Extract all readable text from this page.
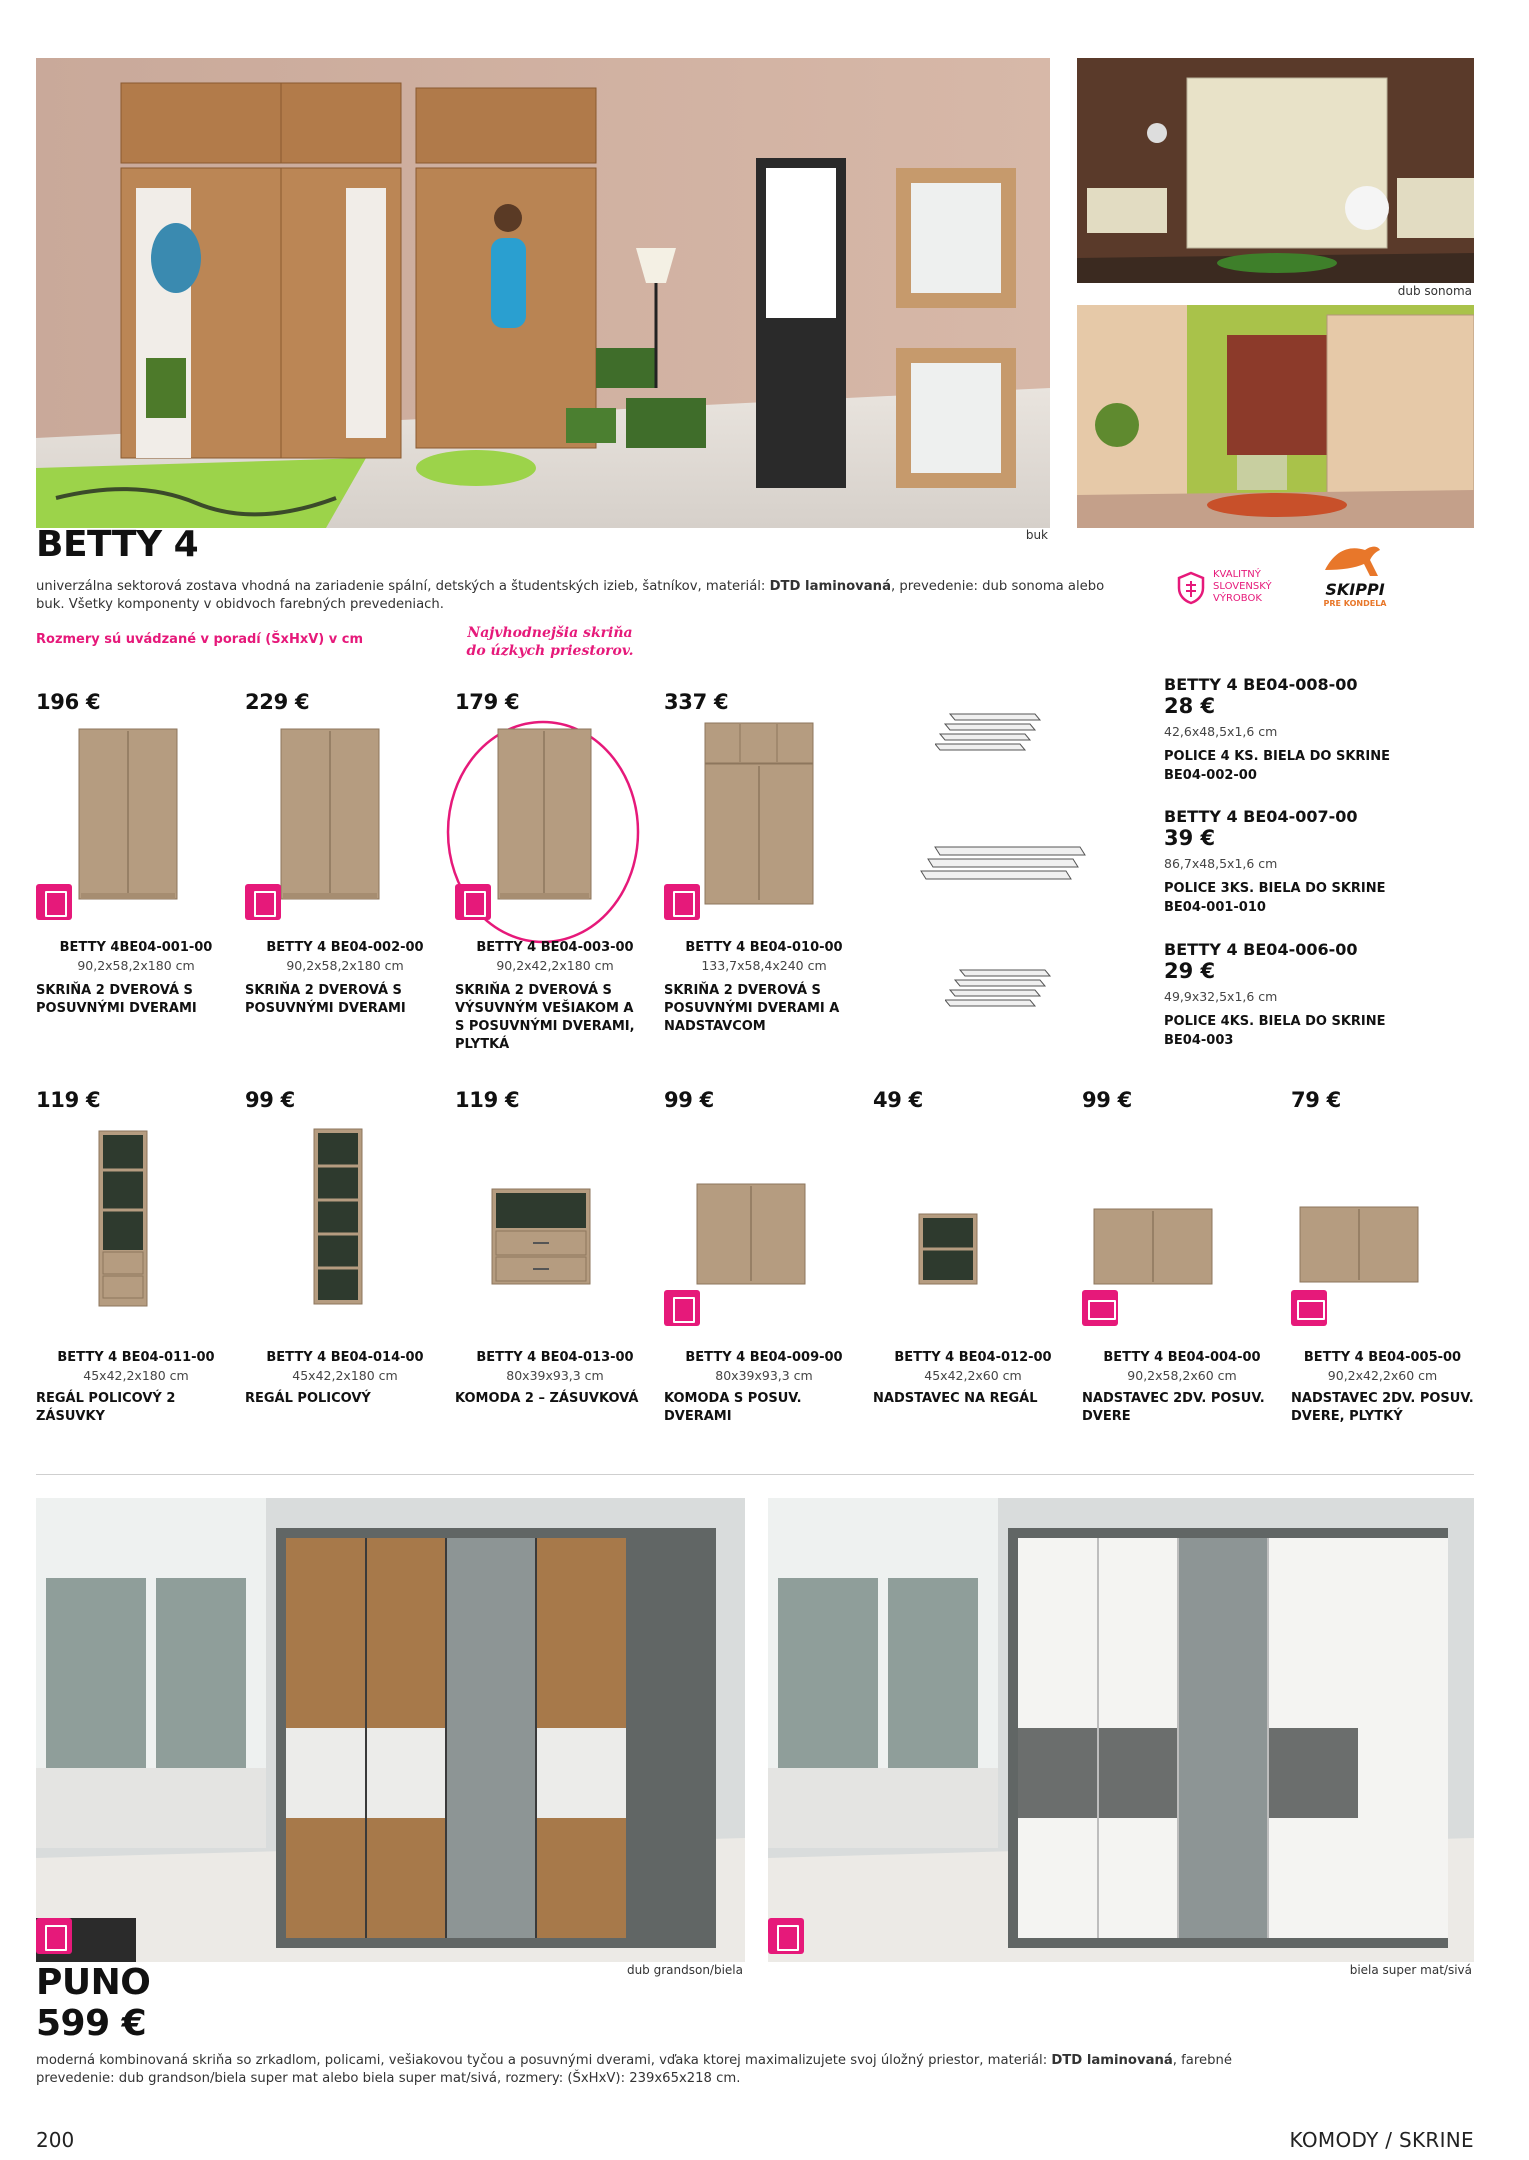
dub sonoma
buk
BETTY 4
univerzálna sektorová zostava vhodná na zariadenie spální, detských a študentských izieb, šatníkov, materiál: DTD laminovaná, prevedenie: dub sonoma alebo buk. Všetky komponenty v obidvoch farebných prevedeniach.
Rozmery sú uvádzané v poradí (ŠxHxV) v cm	Najvhodnejšia skriňa do úzkych priestorov.
KVALITNÝ
SLOVENSKÝ
VÝROBOK	SKIPPI
PRE KONDELA
196 €
BETTY 4BE04-001-00
90,2x58,2x180 cm
SKRIŇA 2 DVEROVÁ S POSUVNÝMI DVERAMI
229 €
BETTY 4 BE04-002-00
90,2x58,2x180 cm
SKRIŇA 2 DVEROVÁ S POSUVNÝMI DVERAMI
179 €
BETTY 4 BE04-003-00
90,2x42,2x180 cm
SKRIŇA 2 DVEROVÁ S VÝSUVNÝM VEŠIAKOM A S POSUVNÝMI DVERAMI, PLYTKÁ
337 €
BETTY 4 BE04-010-00
133,7x58,4x240 cm
SKRIŇA 2 DVEROVÁ S POSUVNÝMI DVERAMI A NADSTAVCOM
BETTY 4 BE04-008-00
28 €
42,6x48,5x1,6 cm
POLICE 4 KS. BIELA DO SKRINE BE04-002-00
BETTY 4 BE04-007-00
39 €
86,7x48,5x1,6 cm
POLICE 3KS. BIELA DO SKRINE BE04-001-010
BETTY 4 BE04-006-00
29 €
49,9x32,5x1,6 cm
POLICE 4KS. BIELA DO SKRINE BE04-003
119 €
BETTY 4 BE04-011-00
45x42,2x180 cm
REGÁL POLICOVÝ 2 ZÁSUVKY
99 €
BETTY 4 BE04-014-00
45x42,2x180 cm
REGÁL POLICOVÝ
119 €
BETTY 4 BE04-013-00
80x39x93,3 cm
KOMODA 2 – ZÁSUVKOVÁ
99 €
BETTY 4 BE04-009-00
80x39x93,3 cm
KOMODA S POSUV. DVERAMI
49 €
BETTY 4 BE04-012-00
45x42,2x60 cm
NADSTAVEC NA REGÁL
99 €
BETTY 4 BE04-004-00
90,2x58,2x60 cm
NADSTAVEC 2DV. POSUV. DVERE
79 €
BETTY 4 BE04-005-00
90,2x42,2x60 cm
NADSTAVEC 2DV. POSUV. DVERE, PLYTKÝ
dub grandson/biela	biela super mat/sivá
PUNO
599 €
moderná kombinovaná skriňa so zrkadlom, policami, vešiakovou tyčou a posuvnými dverami, vďaka ktorej maximalizujete svoj úložný priestor, materiál: DTD laminovaná, farebné prevedenie: dub grandson/biela super mat alebo biela super mat/sivá, rozmery: (ŠxHxV): 239x65x218 cm.
200	KOMODY / SKRINE
